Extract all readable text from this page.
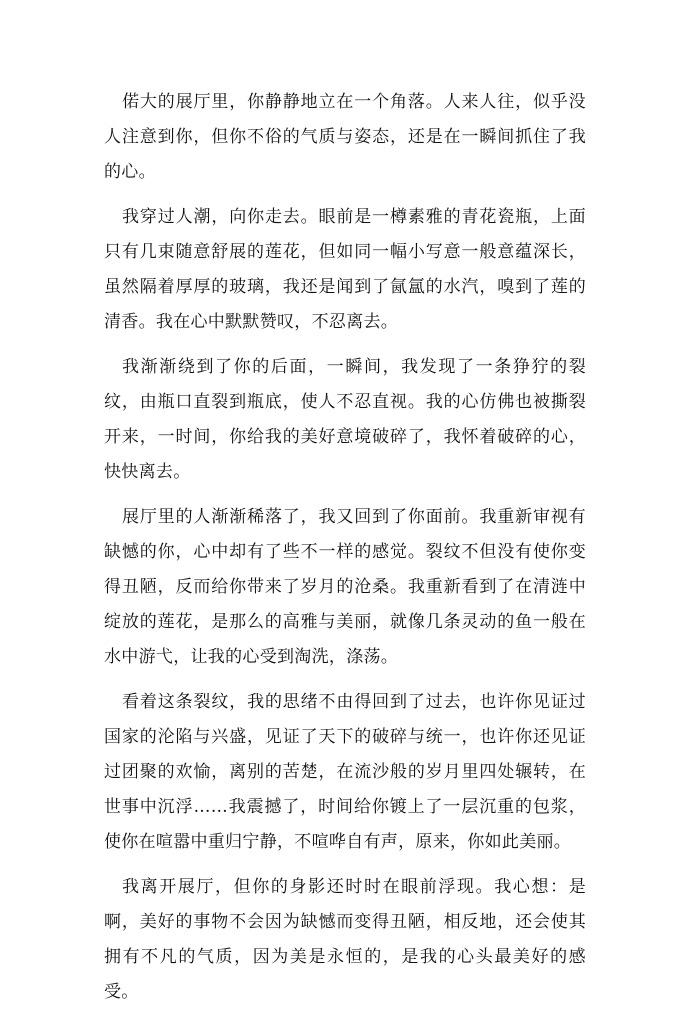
偌大的展厅里，你静静地立在一个角落。人来人往，似乎没人注意到你，但你不俗的气质与姿态，还是在一瞬间抓住了我的心。

我穿过人潮，向你走去。眼前是一樽素雅的青花瓷瓶，上面只有几束随意舒展的莲花，但如同一幅小写意一般意蕴深长，虽然隔着厚厚的玻璃，我还是闻到了氤氲的水汽，嗅到了莲的清香。我在心中默默赞叹，不忍离去。

我渐渐绕到了你的后面，一瞬间，我发现了一条狰狞的裂纹，由瓶口直裂到瓶底，使人不忍直视。我的心仿佛也被撕裂开来，一时间，你给我的美好意境破碎了，我怀着破碎的心，快快离去。

展厅里的人渐渐稀落了，我又回到了你面前。我重新审视有缺憾的你，心中却有了些不一样的感觉。裂纹不但没有使你变得丑陋，反而给你带来了岁月的沧桑。我重新看到了在清涟中绽放的莲花，是那么的高雅与美丽，就像几条灵动的鱼一般在水中游弋，让我的心受到淘洗，涤荡。

看着这条裂纹，我的思绪不由得回到了过去，也许你见证过国家的沦陷与兴盛，见证了天下的破碎与统一，也许你还见证过团聚的欢愉，离别的苦楚，在流沙般的岁月里四处辗转，在世事中沉浮……我震撼了，时间给你镀上了一层沉重的包浆，使你在喧嚣中重归宁静，不喧哗自有声，原来，你如此美丽。

我离开展厅，但你的身影还时时在眼前浮现。我心想：是啊，美好的事物不会因为缺憾而变得丑陋，相反地，还会使其拥有不凡的气质，因为美是永恒的，是我的心头最美好的感受。
